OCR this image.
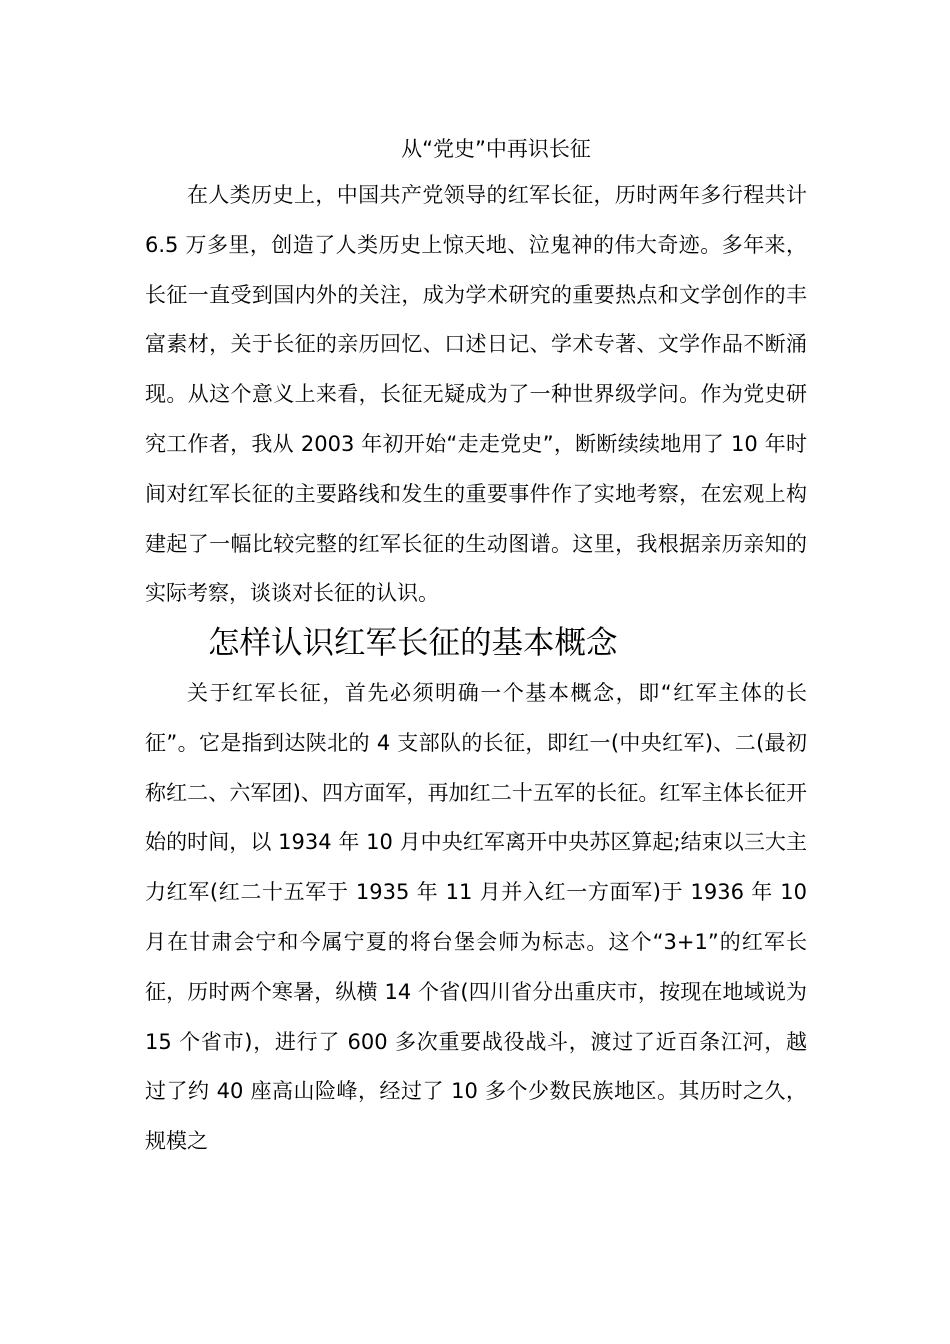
从“党史”中再识长征

在人类历史上，中国共产党领导的红军长征，历时两年多行程共计 6.5 万多里，创造了人类历史上惊天地、泣鬼神的伟大奇迹。多年来，长征一直受到国内外的关注，成为学术研究的重要热点和文学创作的丰富素材，关于长征的亲历回忆、口述日记、学术专著、文学作品不断涌现。从这个意义上来看，长征无疑成为了一种世界级学问。作为党史研究工作者，我从 2003 年初开始“走走党史”，断断续续地用了 10 年时间对红军长征的主要路线和发生的重要事件作了实地考察，在宏观上构建起了一幅比较完整的红军长征的生动图谱。这里，我根据亲历亲知的实际考察，谈谈对长征的认识。

怎样认识红军长征的基本概念

关于红军长征，首先必须明确一个基本概念，即“红军主体的长征”。它是指到达陕北的 4 支部队的长征，即红一(中央红军)、二(最初称红二、六军团)、四方面军，再加红二十五军的长征。红军主体长征开始的时间，以 1934 年 10 月中央红军离开中央苏区算起;结束以三大主力红军(红二十五军于 1935 年 11 月并入红一方面军)于 1936 年 10 月在甘肃会宁和今属宁夏的将台堡会师为标志。这个“3+1”的红军长征，历时两个寒暑，纵横 14 个省(四川省分出重庆市，按现在地域说为 15 个省市)，进行了 600 多次重要战役战斗，渡过了近百条江河，越过了约 40 座高山险峰，经过了 10 多个少数民族地区。其历时之久，规模之
